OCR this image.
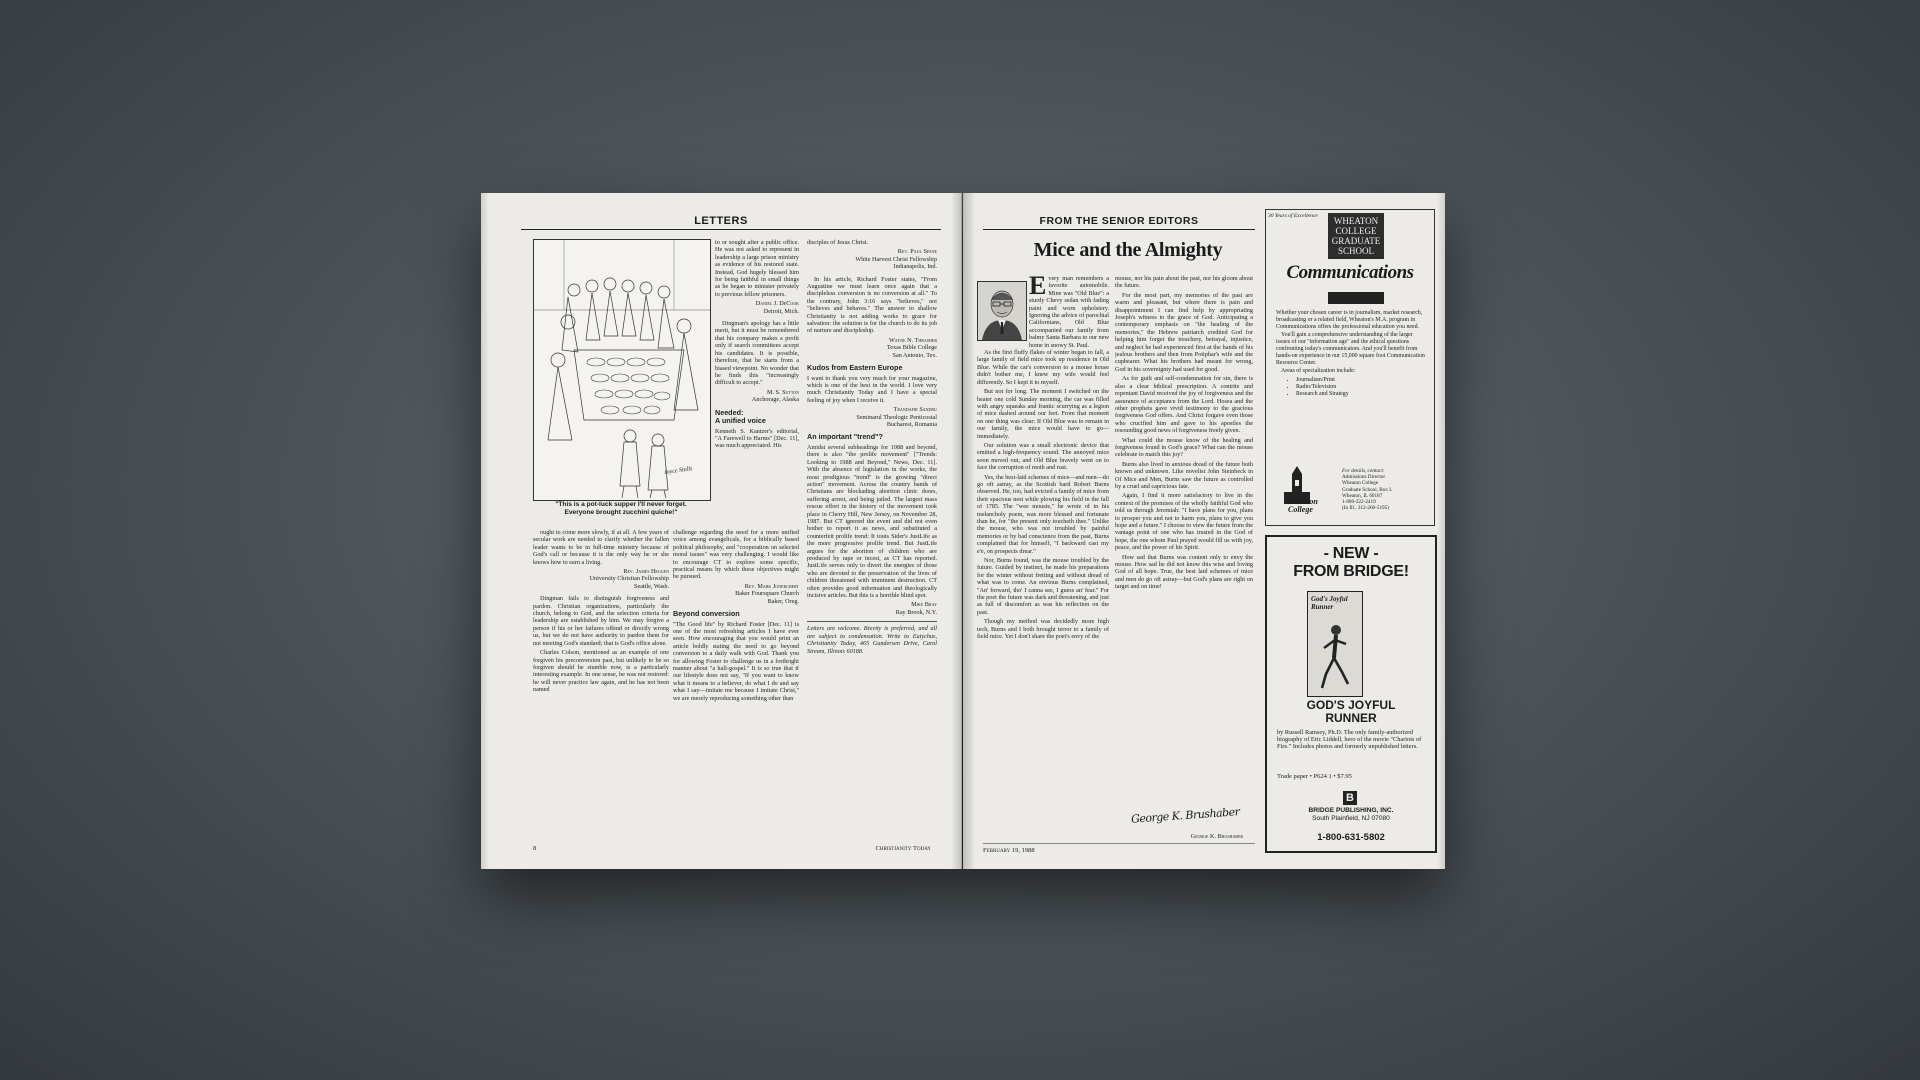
LETTERS
Joyce Stulls
"This is a pot-luck supper I'll never forget.
Everyone brought zucchini quiche!"

ought to come more slowly, if at all. A few years of secular work are needed to clarify whether the fallen leader wants to be in full-time ministry because of God's call or because it is the only way he or she knows how to earn a living.

Rev. James Heggen

University Christian Fellowship

Seattle, Wash.

Dingman fails to distinguish forgiveness and pardon. Christian organizations, particularly the church, belong to God, and the selection criteria for leadership are established by him. We may forgive a person if his or her failures offend or directly wrong us, but we do not have authority to pardon them for not meeting God's standard; that is God's office alone.

Charles Colson, mentioned as an example of one forgiven his preconversion past, but unlikely to be so forgiven should he stumble now, is a particularly interesting example. In one sense, he was not restored: he will never practice law again, and he has not been named

to or sought after a public office. He was not asked to represent in leadership a large prison ministry as evidence of his restored state. Instead, God hugely blessed him for being faithful in small things as he began to minister privately to previous fellow prisoners.

Daniel J. DeCook

Detroit, Mich.

Dingman's apology has a little merit, but it must be remembered that his company makes a profit only if search committees accept his candidates. It is possible, therefore, that he starts from a biased viewpoint. No wonder that he finds this "increasingly difficult to accept."

M. S. Sutton

Anchorage, Alaska

Needed:
A unified voice

Kenneth S. Kantzer's editorial, "A Farewell to Harms" [Dec. 11], was much appreciated. His

challenge regarding the need for a more unified voice among evangelicals, for a biblically based political philosophy, and "cooperation on selected moral issues" was very challenging. I would like to encourage CT to explore some specific, practical means by which these objectives might be pursued.

Rev. Mark Jonerchert

Baker Foursquare Church

Baker, Oreg.

Beyond conversion

"The Good life" by Richard Foster [Dec. 11] is one of the most refreshing articles I have ever seen. How encouraging that you would print an article boldly stating the need to go beyond conversion to a daily walk with God. Thank you for allowing Foster to challenge us in a forthright manner about "a half-gospel." It is so true that if our lifestyle does not say, "If you want to know what it means to a believer, do what I do and say what I say—imitate me because I imitate Christ," we are merely reproducing something other than

disciples of Jesus Christ.

Rev. Paul Spane

White Harvest Christ Fellowship

Indianapolis, Ind.

In his article, Richard Foster states, "From Augustine we must learn once again that a discipleless conversion is no conversion at all." To the contrary, John 3:16 says "believes," not "believes and behaves." The answer to shallow Christianity is not adding works to grace for salvation: the solution is for the church to do its job of nurture and discipleship.

Wayne N. Thrasher

Texas Bible College

San Antonio, Tex.

Kudos from Eastern Europe

I want to thank you very much for your magazine, which is one of the best in the world. I love very much Christianity Today and I have a special feeling of joy when I receive it.

Trandafir Sandru

Seminarul Theologic Penticostal

Bucharest, Romania

An important "trend"?

Amidst several subheadings for 1988 and beyond, there is also "the prolife movement" ["Trends: Looking to 1988 and Beyond," News, Dec. 11]. With the absence of legislation in the works, the most prodigious "trend" is the growing "direct action" movement. Across the country bands of Christians are blockading abortion clinic doors, suffering arrest, and being jailed. The largest mass rescue effort in the history of the movement took place in Cherry Hill, New Jersey, on November 28, 1987. But CT ignored the event and did not even bother to report it as news, and substituted a counterfeit prolife trend: It touts Sider's JustLife as the more progressive prolife trend. But JustLife argues for the abortion of children who are produced by rape or incest, as CT has reported. JustLife serves only to divert the energies of those who are devoted to the preservation of the lives of children threatened with imminent destruction. CT often provides good information and theologically incisive articles. But this is a horrible blind spot.

Mike Bray

Ray Brook, N.Y.

Letters are welcome. Brevity is preferred, and all are subject to condensation. Write to Eutychus, Christianity Today, 465 Gundersen Drive, Carol Stream, Illinois 60188.

8	Christianity Today
FROM THE SENIOR EDITORS
Mice and the Almighty
Every man remembers a favorite automobile. Mine was "Old Blue": a sturdy Chevy sedan with fading paint and worn upholstery. Ignoring the advice of parochial Californians, Old Blue accompanied our family from balmy Santa Barbara to our new home in snowy St. Paul.

As the first fluffy flakes of winter began to fall, a large family of field mice took up residence in Old Blue. While the car's conversion to a mouse house didn't bother me, I knew my wife would feel differently. So I kept it to myself.

But not for long. The moment I switched on the heater one cold Sunday morning, the car was filled with angry squeaks and frantic scurrying as a legion of mice dashed around our feet. From that moment on one thing was clear: If Old Blue was to remain in our family, the mice would have to go—immediately.

Our solution was a small electronic device that emitted a high-frequency sound. The annoyed mice soon moved out, and Old Blue bravely went on to face the corruption of moth and rust.

Yes, the best-laid schemes of mice—and men—do go oft astray, as the Scottish bard Robert Burns observed. He, too, had evicted a family of mice from their spacious nest while plowing his field in the fall of 1785. The "wee mousie," he wrote of in his melancholy poem, was more blessed and fortunate than he, for "the present only toucheth thee." Unlike the mouse, who was not troubled by painful memories or by bad conscience from the past, Burns complained that for himself, "I backward cast my e'e, on prospects drear."

Nor, Burns found, was the mouse troubled by the future. Guided by instinct, he made his preparations for the winter without fretting and without dread of what was to come. An envious Burns complained, "An' forward, tho' I canna see, I guess an' fear." For the poet the future was dark and threatening, and just as full of discomfort as was his reflection on the past.

Though my method was decidedly more high tech, Burns and I both brought terror to a family of field mice. Yet I don't share the poet's envy of the

mouse, nor his pain about the past, nor his gloom about the future.

For the most part, my memories of the past are warm and pleasant, but where there is pain and disappointment I can find help by appropriating Joseph's witness to the grace of God. Anticipating a contemporary emphasis on "the healing of the memories," the Hebrew patriarch credited God for helping him forget the treachery, betrayal, injustice, and neglect he had experienced first at the hands of his jealous brothers and then from Potiphar's wife and the cupbearer. What his brothers had meant for wrong, God in his sovereignty had used for good.

As for guilt and self-condemnation for sin, there is also a clear biblical prescription. A contrite and repentant David received the joy of forgiveness and the assurance of acceptance from the Lord. Hosea and the other prophets gave vivid testimony to the gracious forgiveness God offers. And Christ forgave even those who crucified him and gave to his apostles the resounding good news of forgiveness freely given.

What could the mouse know of the healing and forgiveness found in God's grace? What can the mouse celebrate to match this joy?

Burns also lived in anxious dread of the future both known and unknown. Like novelist John Steinbeck in Of Mice and Men, Burns saw the future as controlled by a cruel and capricious fate.

Again, I find it more satisfactory to live in the context of the promises of the wholly faithful God who told us through Jeremiah: "I have plans for you, plans to prosper you and not to harm you, plans to give you hope and a future." I choose to view the future from the vantage point of one who has trusted in the God of hope, the one whom Paul prayed would fill us with joy, peace, and the power of his Spirit.

How sad that Burns was content only to envy the mouse. How sad he did not know this wise and loving God of all hope. True, the best laid schemes of mice and men do go oft astray—but God's plans are right on target and on time!

George K. Brushaber
George K. Brushaber
February 19, 1988
30 Years of Excellence	WHEATON
COLLEGE
GRADUATE
SCHOOL
Communications

Whether your chosen career is in journalism, market research, broadcasting or a related field, Wheaton's M.A. program in Communications offers the professional education you need.

You'll gain a comprehensive understanding of the larger issues of our "information age" and the ethical questions confronting today's communicators. And you'll benefit from hands-on experience in our 15,000 square foot Communication Resource Center.

Areas of specialization include:

• Journalism/Print
• Radio/Television
• Research and Strategy
Wheaton
College
For details, contact:
Admissions Director
Wheaton College
Graduate School, Box L
Wheaton, IL 60187
1-800-222-2419
(In Ill., 312-260-5195)
- NEW -
FROM BRIDGE!
God's Joyful Runner
GOD'S JOYFUL
RUNNER
by Russell Ramsey, Ph.D. The only family-authorized biography of Eric Liddell, hero of the movie "Chariots of Fire." Includes photos and formerly unpublished letters.
Trade paper • P624 1 • $7.95
B
BRIDGE PUBLISHING, INC.
South Plainfield, NJ 07080
1-800-631-5802
